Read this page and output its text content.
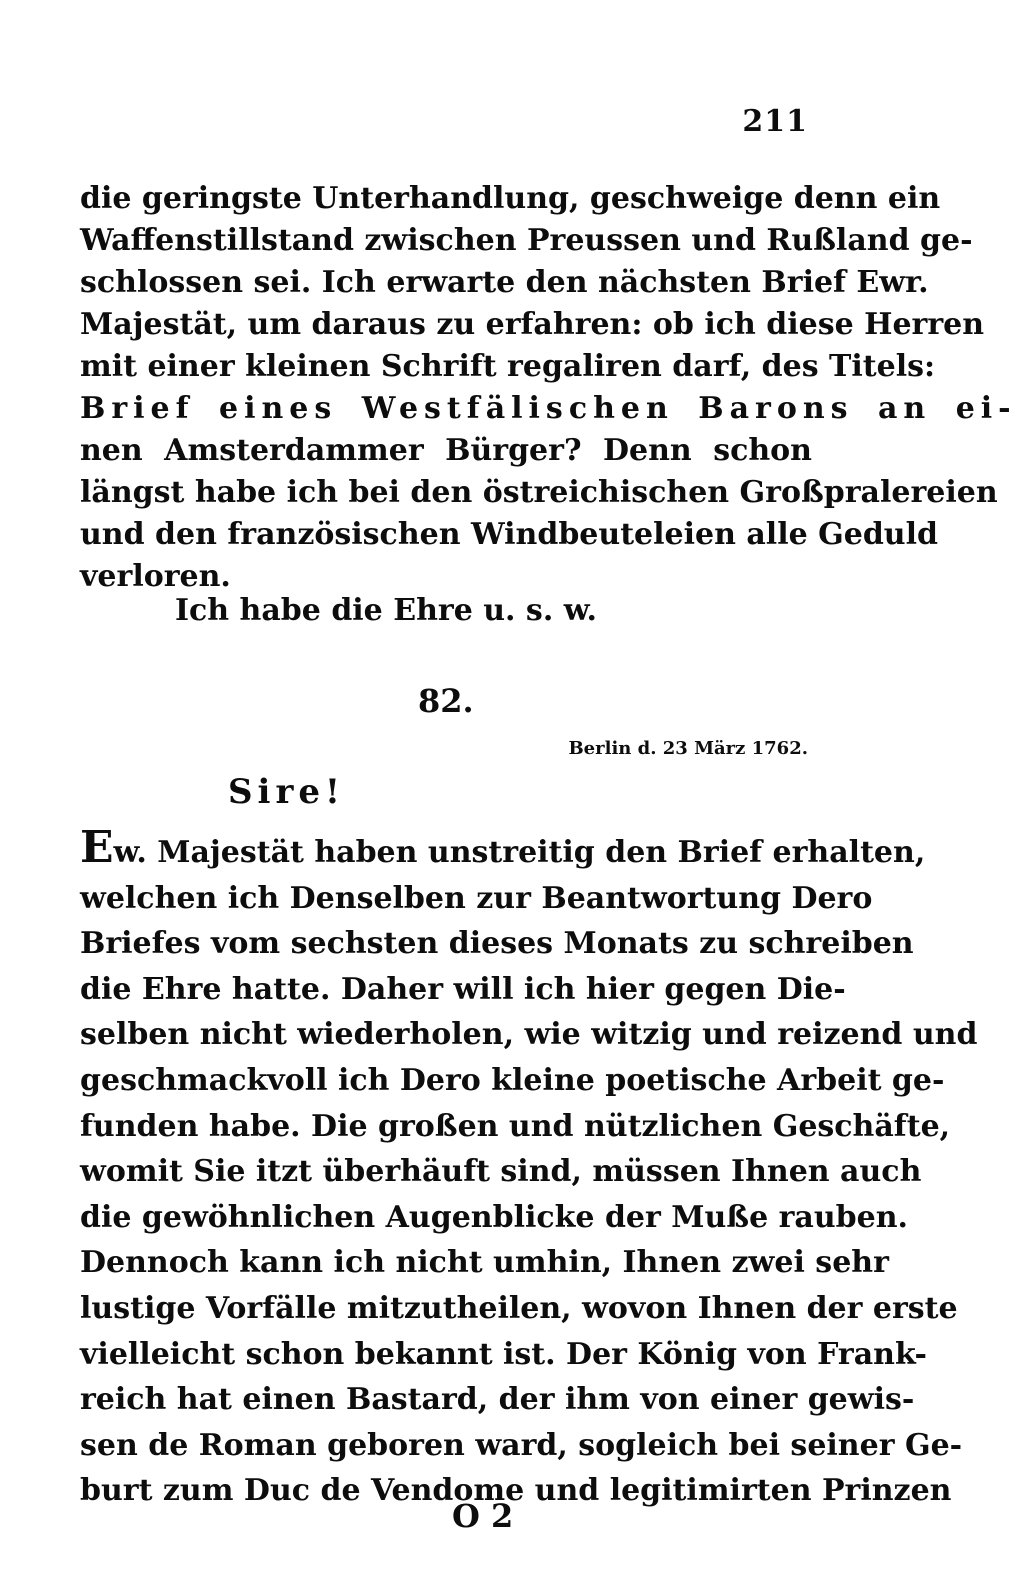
211
die geringste Unterhandlung, geschweige denn ein
Waffenstillstand zwischen Preussen und Rußland ge-
schlossen sei. Ich erwarte den nächsten Brief Ewr.
Majestät, um daraus zu erfahren: ob ich diese Herren
mit einer kleinen Schrift regaliren darf, des Titels:
Brief eines Westfälischen Barons an ei-
nen Amsterdammer Bürger? Denn schon
längst habe ich bei den östreichischen Großpralereien
und den französischen Windbeuteleien alle Geduld
verloren.
Ich habe die Ehre u. s. w.
82.
Berlin d. 23 März 1762.
Sire!
Ew. Majestät haben unstreitig den Brief erhalten,
welchen ich Denselben zur Beantwortung Dero
Briefes vom sechsten dieses Monats zu schreiben
die Ehre hatte. Daher will ich hier gegen Die-
selben nicht wiederholen, wie witzig und reizend und
geschmackvoll ich Dero kleine poetische Arbeit ge-
funden habe. Die großen und nützlichen Geschäfte,
womit Sie itzt überhäuft sind, müssen Ihnen auch
die gewöhnlichen Augenblicke der Muße rauben.
Dennoch kann ich nicht umhin, Ihnen zwei sehr
lustige Vorfälle mitzutheilen, wovon Ihnen der erste
vielleicht schon bekannt ist. Der König von Frank-
reich hat einen Bastard, der ihm von einer gewis-
sen de Roman geboren ward, sogleich bei seiner Ge-
burt zum Duc de Vendome und legitimirten Prinzen
O 2
